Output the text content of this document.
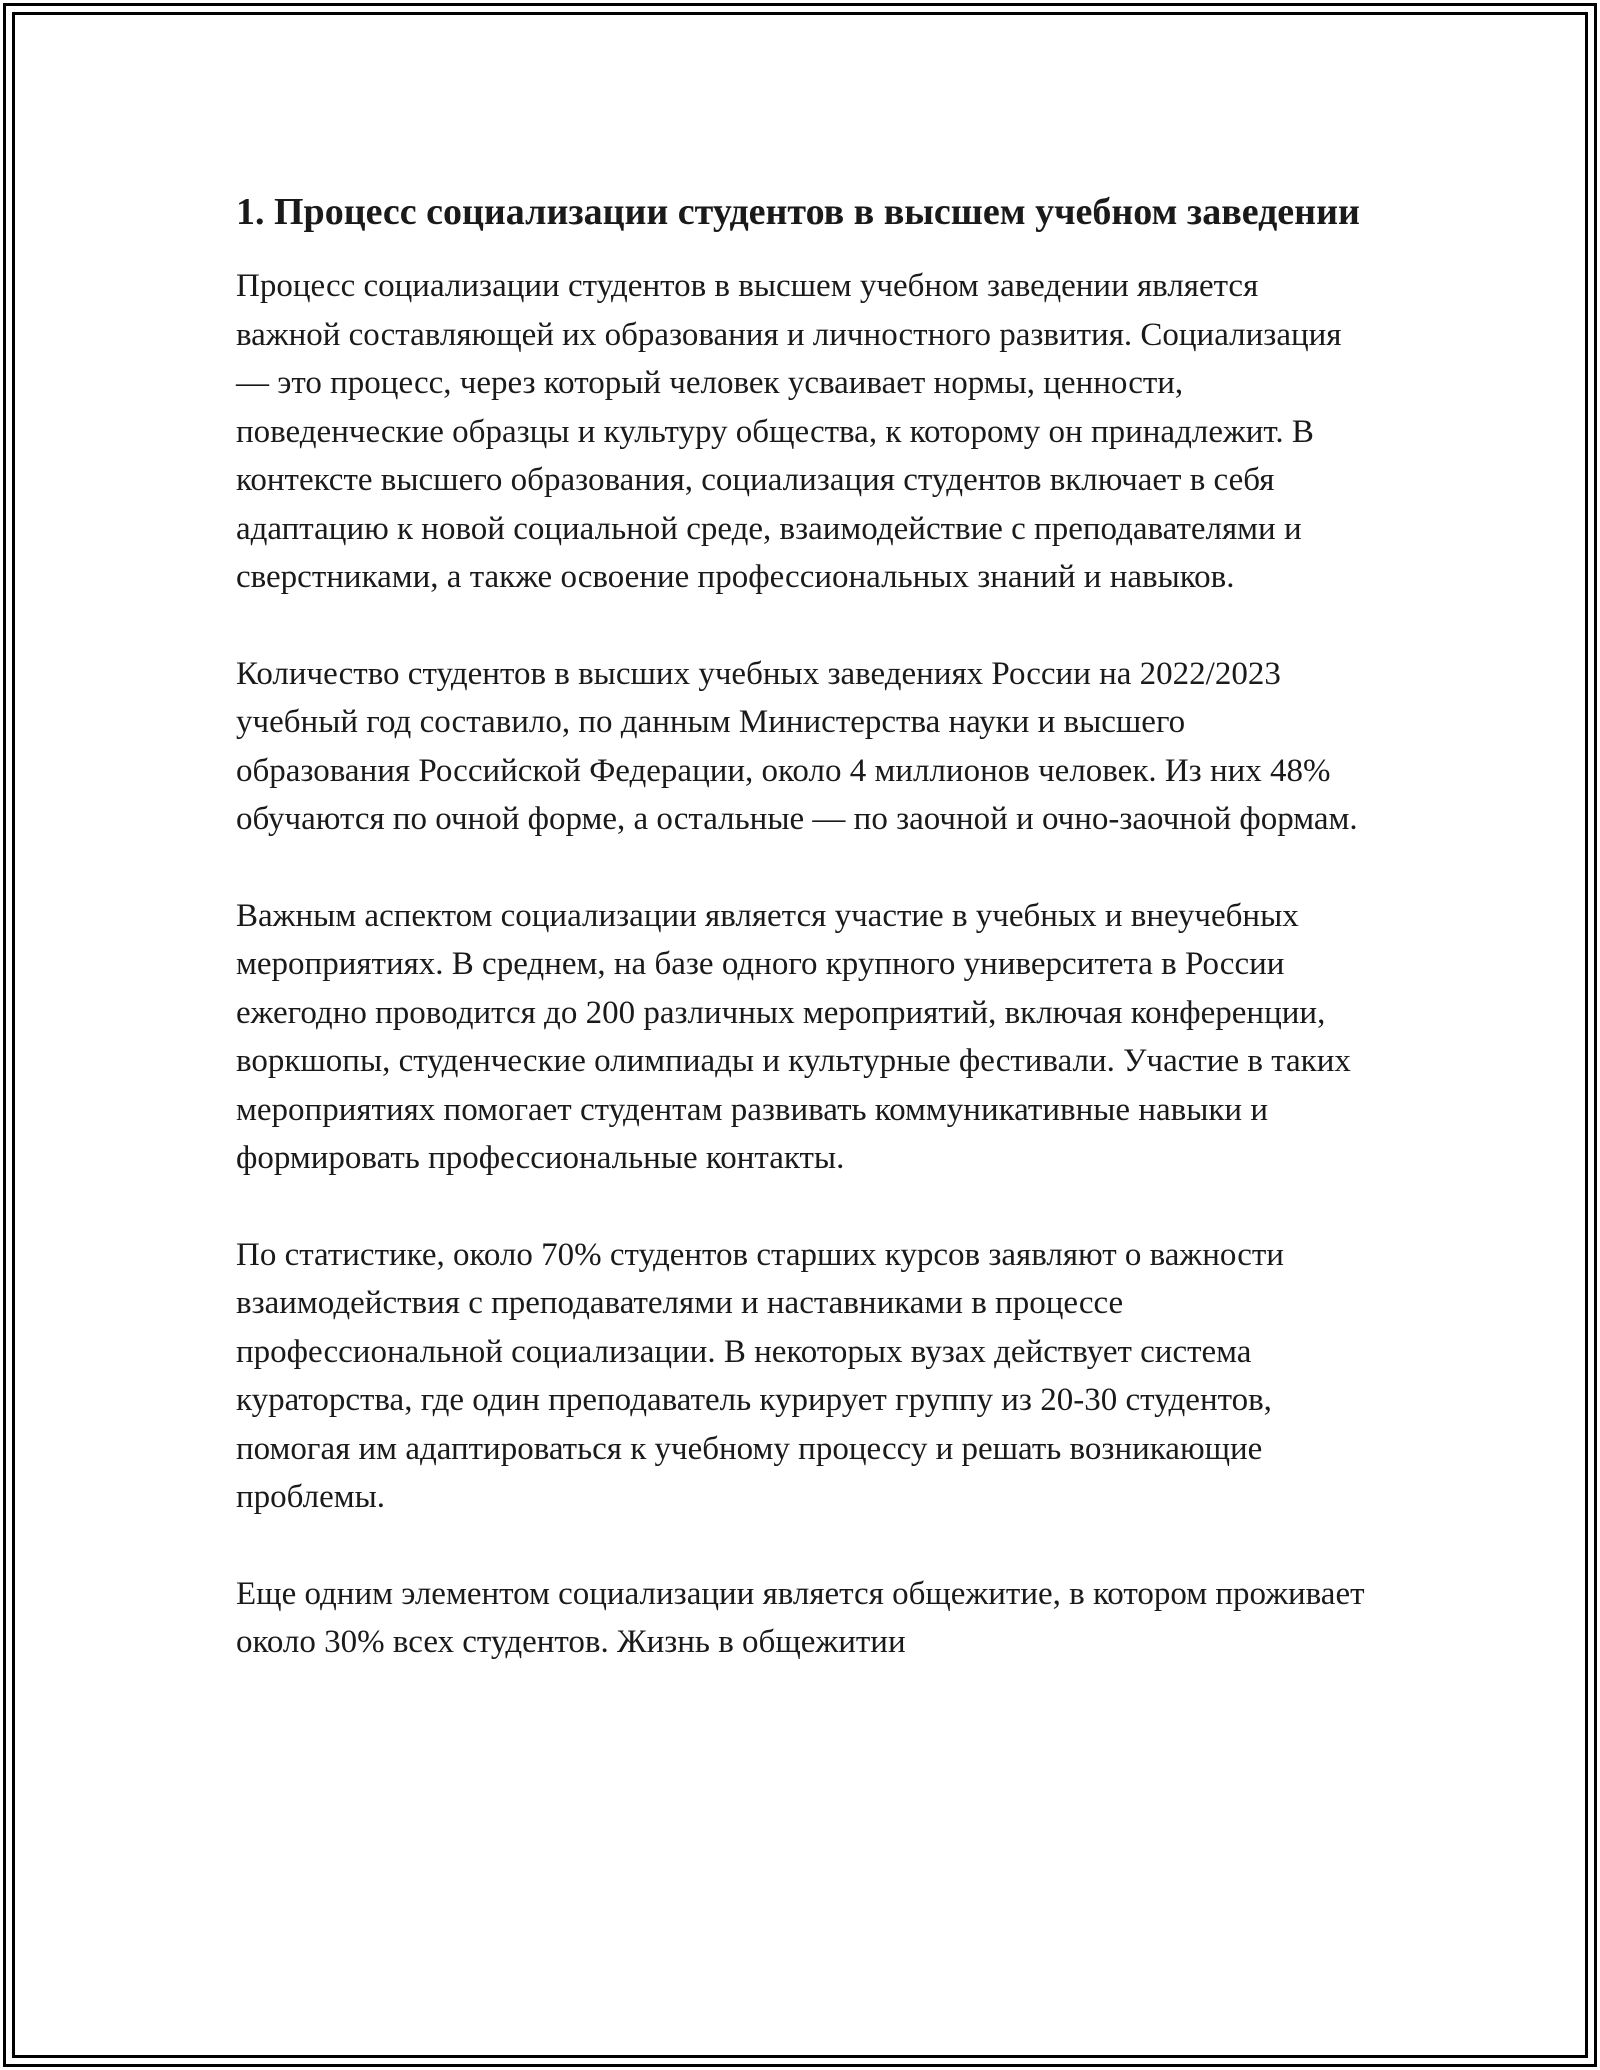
1. Процесс социализации студентов в высшем учебном заведении

Процесс социализации студентов в высшем учебном заведении является важной составляющей их образования и личностного развития. Социализация — это процесс, через который человек усваивает нормы, ценности, поведенческие образцы и культуру общества, к которому он принадлежит. В контексте высшего образования, социализация студентов включает в себя адаптацию к новой социальной среде, взаимодействие с преподавателями и сверстниками, а также освоение профессиональных знаний и навыков.

Количество студентов в высших учебных заведениях России на 2022/2023 учебный год составило, по данным Министерства науки и высшего образования Российской Федерации, около 4 миллионов человек. Из них 48% обучаются по очной форме, а остальные — по заочной и очно-заочной формам.

Важным аспектом социализации является участие в учебных и внеучебных мероприятиях. В среднем, на базе одного крупного университета в России ежегодно проводится до 200 различных мероприятий, включая конференции, воркшопы, студенческие олимпиады и культурные фестивали. Участие в таких мероприятиях помогает студентам развивать коммуникативные навыки и формировать профессиональные контакты.

По статистике, около 70% студентов старших курсов заявляют о важности взаимодействия с преподавателями и наставниками в процессе профессиональной социализации. В некоторых вузах действует система кураторства, где один преподаватель курирует группу из 20-30 студентов, помогая им адаптироваться к учебному процессу и решать возникающие проблемы.

Еще одним элементом социализации является общежитие, в котором проживает около 30% всех студентов. Жизнь в общежитии
